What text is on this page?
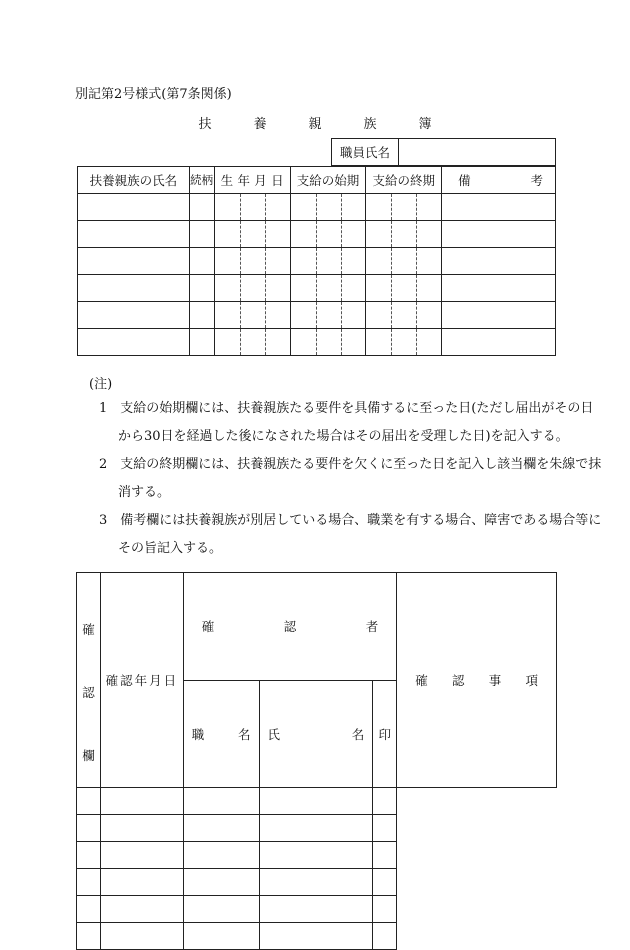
別記第2号様式(第7条関係)
扶	養	親	族	簿
職員氏名	
扶養親族の氏名	続柄	生 年 月 日	支給の始期	支給の終期	備 考

(注)
1　 支給の始期欄には、扶養親族たる要件を具備するに至った日(ただし届出がその日
から30日を経過した後になされた場合はその届出を受理した日)を記入する。
2　 支給の終期欄には、扶養親族たる要件を欠くに至った日を記入し該当欄を朱線で抹
消する。
3　 備考欄には扶養親族が別居している場合、職業を有する場合、障害である場合等に
その旨記入する。
確
認
欄	確認年月日	確 認 者			確 認 事 項

		職 名	氏 名	印	
